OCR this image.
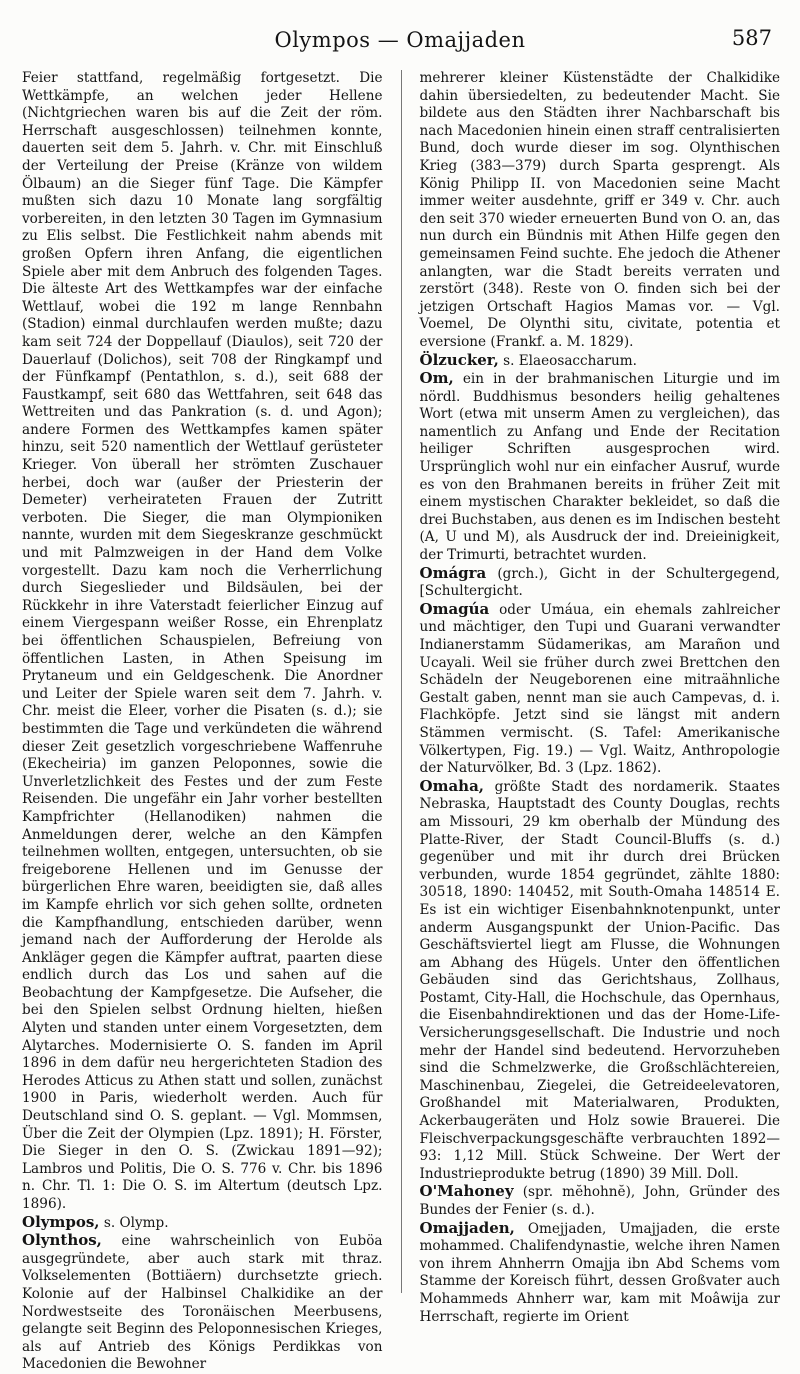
Olympos — Omajjaden	587

Feier stattfand, regelmäßig fortgesetzt. Die Wettkämpfe, an welchen jeder Hellene (Nichtgriechen waren bis auf die Zeit der röm. Herrschaft ausgeschlossen) teilnehmen konnte, dauerten seit dem 5. Jahrh. v. Chr. mit Einschluß der Verteilung der Preise (Kränze von wildem Ölbaum) an die Sieger fünf Tage. Die Kämpfer mußten sich dazu 10 Monate lang sorgfältig vorbereiten, in den letzten 30 Tagen im Gymnasium zu Elis selbst. Die Festlichkeit nahm abends mit großen Opfern ihren Anfang, die eigentlichen Spiele aber mit dem Anbruch des folgenden Tages. Die älteste Art des Wettkampfes war der einfache Wettlauf, wobei die 192 m lange Rennbahn (Stadion) einmal durchlaufen werden mußte; dazu kam seit 724 der Doppellauf (Diaulos), seit 720 der Dauerlauf (Dolichos), seit 708 der Ringkampf und der Fünfkampf (Pentathlon, s. d.), seit 688 der Faustkampf, seit 680 das Wettfahren, seit 648 das Wettreiten und das Pankration (s. d. und Agon); andere Formen des Wettkampfes kamen später hinzu, seit 520 namentlich der Wettlauf gerüsteter Krieger. Von überall her strömten Zuschauer herbei, doch war (außer der Priesterin der Demeter) verheirateten Frauen der Zutritt verboten. Die Sieger, die man Olympioniken nannte, wurden mit dem Siegeskranze geschmückt und mit Palmzweigen in der Hand dem Volke vorgestellt. Dazu kam noch die Verherrlichung durch Siegeslieder und Bildsäulen, bei der Rückkehr in ihre Vaterstadt feierlicher Einzug auf einem Viergespann weißer Rosse, ein Ehrenplatz bei öffentlichen Schauspielen, Befreiung von öffentlichen Lasten, in Athen Speisung im Prytaneum und ein Geldgeschenk. Die Anordner und Leiter der Spiele waren seit dem 7. Jahrh. v. Chr. meist die Eleer, vorher die Pisaten (s. d.); sie bestimmten die Tage und verkündeten die während dieser Zeit gesetzlich vorgeschriebene Waffenruhe (Ekecheiria) im ganzen Peloponnes, sowie die Unverletzlichkeit des Festes und der zum Feste Reisenden. Die ungefähr ein Jahr vorher bestellten Kampfrichter (Hellanodiken) nahmen die Anmeldungen derer, welche an den Kämpfen teilnehmen wollten, entgegen, untersuchten, ob sie freigeborene Hellenen und im Genusse der bürgerlichen Ehre waren, beeidigten sie, daß alles im Kampfe ehrlich vor sich gehen sollte, ordneten die Kampfhandlung, entschieden darüber, wenn jemand nach der Aufforderung der Herolde als Ankläger gegen die Kämpfer auftrat, paarten diese endlich durch das Los und sahen auf die Beobachtung der Kampfgesetze. Die Aufseher, die bei den Spielen selbst Ordnung hielten, hießen Alyten und standen unter einem Vorgesetzten, dem Alytarches. Modernisierte O. S. fanden im April 1896 in dem dafür neu hergerichteten Stadion des Herodes Atticus zu Athen statt und sollen, zunächst 1900 in Paris, wiederholt werden. Auch für Deutschland sind O. S. geplant. — Vgl. Mommsen, Über die Zeit der Olympien (Lpz. 1891); H. Förster, Die Sieger in den O. S. (Zwickau 1891—92); Lambros und Politis, Die O. S. 776 v. Chr. bis 1896 n. Chr. Tl. 1: Die O. S. im Altertum (deutsch Lpz. 1896).

Olympos, s. Olymp.

Olynthos, eine wahrscheinlich von Euböa ausgegründete, aber auch stark mit thraz. Volkselementen (Bottiäern) durchsetzte griech. Kolonie auf der Halbinsel Chalkidike an der Nordwestseite des Toronäischen Meerbusens, gelangte seit Beginn des Peloponnesischen Krieges, als auf Antrieb des Königs Perdikkas von Macedonien die Bewohner

mehrerer kleiner Küstenstädte der Chalkidike dahin übersiedelten, zu bedeutender Macht. Sie bildete aus den Städten ihrer Nachbarschaft bis nach Macedonien hinein einen straff centralisierten Bund, doch wurde dieser im sog. Olynthischen Krieg (383—379) durch Sparta gesprengt. Als König Philipp II. von Macedonien seine Macht immer weiter ausdehnte, griff er 349 v. Chr. auch den seit 370 wieder erneuerten Bund von O. an, das nun durch ein Bündnis mit Athen Hilfe gegen den gemeinsamen Feind suchte. Ehe jedoch die Athener anlangten, war die Stadt bereits verraten und zerstört (348). Reste von O. finden sich bei der jetzigen Ortschaft Hagios Mamas vor. — Vgl. Voemel, De Olynthi situ, civitate, potentia et eversione (Frankf. a. M. 1829).

Ölzucker, s. Elaeosaccharum.

Om, ein in der brahmanischen Liturgie und im nördl. Buddhismus besonders heilig gehaltenes Wort (etwa mit unserm Amen zu vergleichen), das namentlich zu Anfang und Ende der Recitation heiliger Schriften ausgesprochen wird. Ursprünglich wohl nur ein einfacher Ausruf, wurde es von den Brahmanen bereits in früher Zeit mit einem mystischen Charakter bekleidet, so daß die drei Buchstaben, aus denen es im Indischen besteht (A, U und M), als Ausdruck der ind. Dreieinigkeit, der Trimurti, betrachtet wurden.

Omágra (grch.), Gicht in der Schultergegend, [Schultergicht.

Omagúa oder Umáua, ein ehemals zahlreicher und mächtiger, den Tupi und Guarani verwandter Indianerstamm Südamerikas, am Marañon und Ucayali. Weil sie früher durch zwei Brettchen den Schädeln der Neugeborenen eine mitraähnliche Gestalt gaben, nennt man sie auch Campevas, d. i. Flachköpfe. Jetzt sind sie längst mit andern Stämmen vermischt. (S. Tafel: Amerikanische Völkertypen, Fig. 19.) — Vgl. Waitz, Anthropologie der Naturvölker, Bd. 3 (Lpz. 1862).

Omaha, größte Stadt des nordamerik. Staates Nebraska, Hauptstadt des County Douglas, rechts am Missouri, 29 km oberhalb der Mündung des Platte-River, der Stadt Council-Bluffs (s. d.) gegenüber und mit ihr durch drei Brücken verbunden, wurde 1854 gegründet, zählte 1880: 30518, 1890: 140452, mit South-Omaha 148514 E. Es ist ein wichtiger Eisenbahnknotenpunkt, unter anderm Ausgangspunkt der Union-Pacific. Das Geschäftsviertel liegt am Flusse, die Wohnungen am Abhang des Hügels. Unter den öffentlichen Gebäuden sind das Gerichtshaus, Zollhaus, Postamt, City-Hall, die Hochschule, das Opernhaus, die Eisenbahndirektionen und das der Home-Life-Versicherungsgesellschaft. Die Industrie und noch mehr der Handel sind bedeutend. Hervorzuheben sind die Schmelzwerke, die Großschlächtereien, Maschinenbau, Ziegelei, die Getreideelevatoren, Großhandel mit Materialwaren, Produkten, Ackerbaugeräten und Holz sowie Brauerei. Die Fleischverpackungsgeschäfte verbrauchten 1892—93: 1,12 Mill. Stück Schweine. Der Wert der Industrieprodukte betrug (1890) 39 Mill. Doll.

O'Mahoney (spr. mĕhohnĕ), John, Gründer des Bundes der Fenier (s. d.).

Omajjaden, Omejjaden, Umajjaden, die erste mohammed. Chalifendynastie, welche ihren Namen von ihrem Ahnherrn Omajja ibn Abd Schems vom Stamme der Koreisch führt, dessen Großvater auch Mohammeds Ahnherr war, kam mit Moâwija zur Herrschaft, regierte im Orient
